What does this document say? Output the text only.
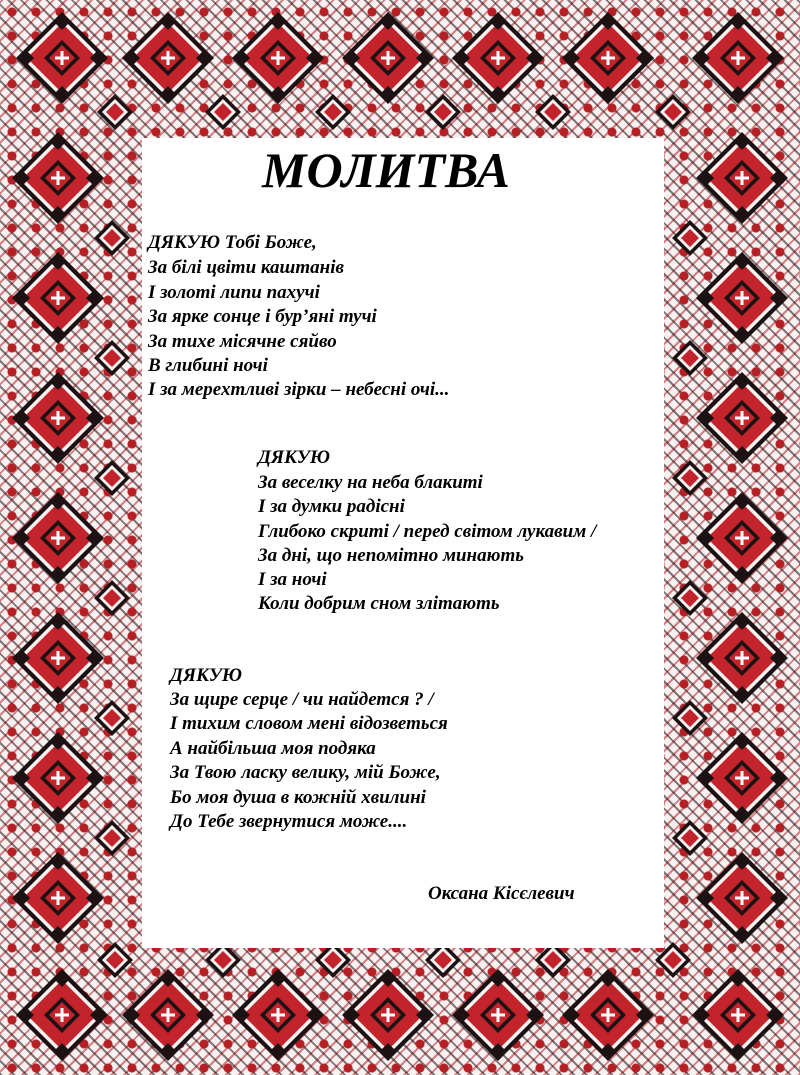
МОЛИТВА

ДЯКУЮ Тобі Боже,

За білі цвіти каштанів

І золоті липи пахучі

За ярке сонце і бур’яні тучі

За тихе місячне сяйво

В глибині ночі

І за мерехтливі зірки – небесні очі...

ДЯКУЮ

За веселку на неба блакиті

І за думки радісні

Глибоко скриті / перед світом лукавим /

За дні, що непомітно минають

І за ночі

Коли добрим сном злітають

ДЯКУЮ

За щире серце / чи найдется ? /

І тихим словом мені відозветься

А найбільша моя подяка

За Твою ласку велику, мій Боже,

Бо моя душа в кожній хвилині

До Тебе звернутися може....

Оксана Кісєлевич
